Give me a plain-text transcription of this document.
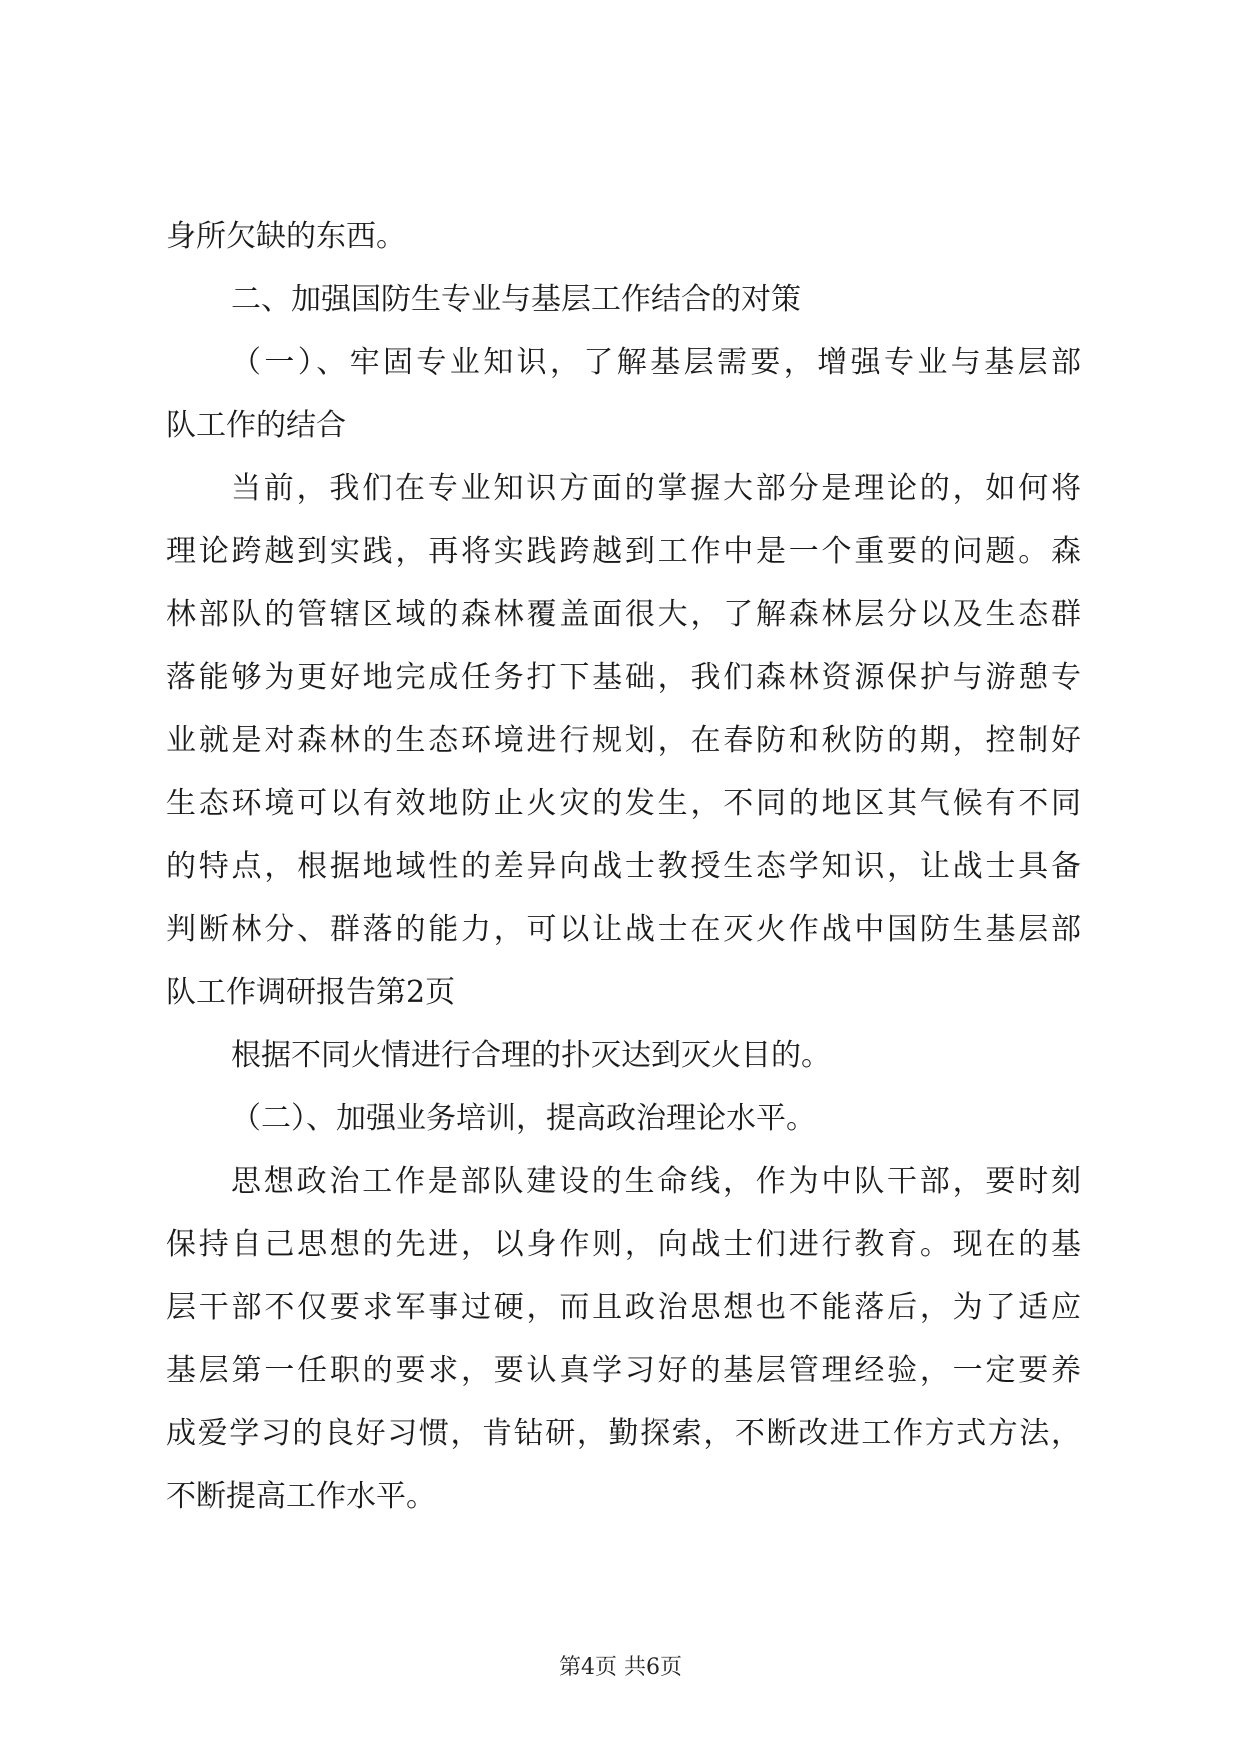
身所欠缺的东西。
二、加强国防生专业与基层工作结合的对策
（一）、牢固专业知识，了解基层需要，增强专业与基层部
队工作的结合
当前，我们在专业知识方面的掌握大部分是理论的，如何将
理论跨越到实践，再将实践跨越到工作中是一个重要的问题。森
林部队的管辖区域的森林覆盖面很大，了解森林层分以及生态群
落能够为更好地完成任务打下基础，我们森林资源保护与游憩专
业就是对森林的生态环境进行规划，在春防和秋防的期，控制好
生态环境可以有效地防止火灾的发生，不同的地区其气候有不同
的特点，根据地域性的差异向战士教授生态学知识，让战士具备
判断林分、群落的能力，可以让战士在灭火作战中国防生基层部
队工作调研报告第2页
根据不同火情进行合理的扑灭达到灭火目的。
（二）、加强业务培训，提高政治理论水平。
思想政治工作是部队建设的生命线，作为中队干部，要时刻
保持自己思想的先进，以身作则，向战士们进行教育。现在的基
层干部不仅要求军事过硬，而且政治思想也不能落后，为了适应
基层第一任职的要求，要认真学习好的基层管理经验，一定要养
成爱学习的良好习惯，肯钻研，勤探索，不断改进工作方式方法，
不断提高工作水平。
第4页 共6页
